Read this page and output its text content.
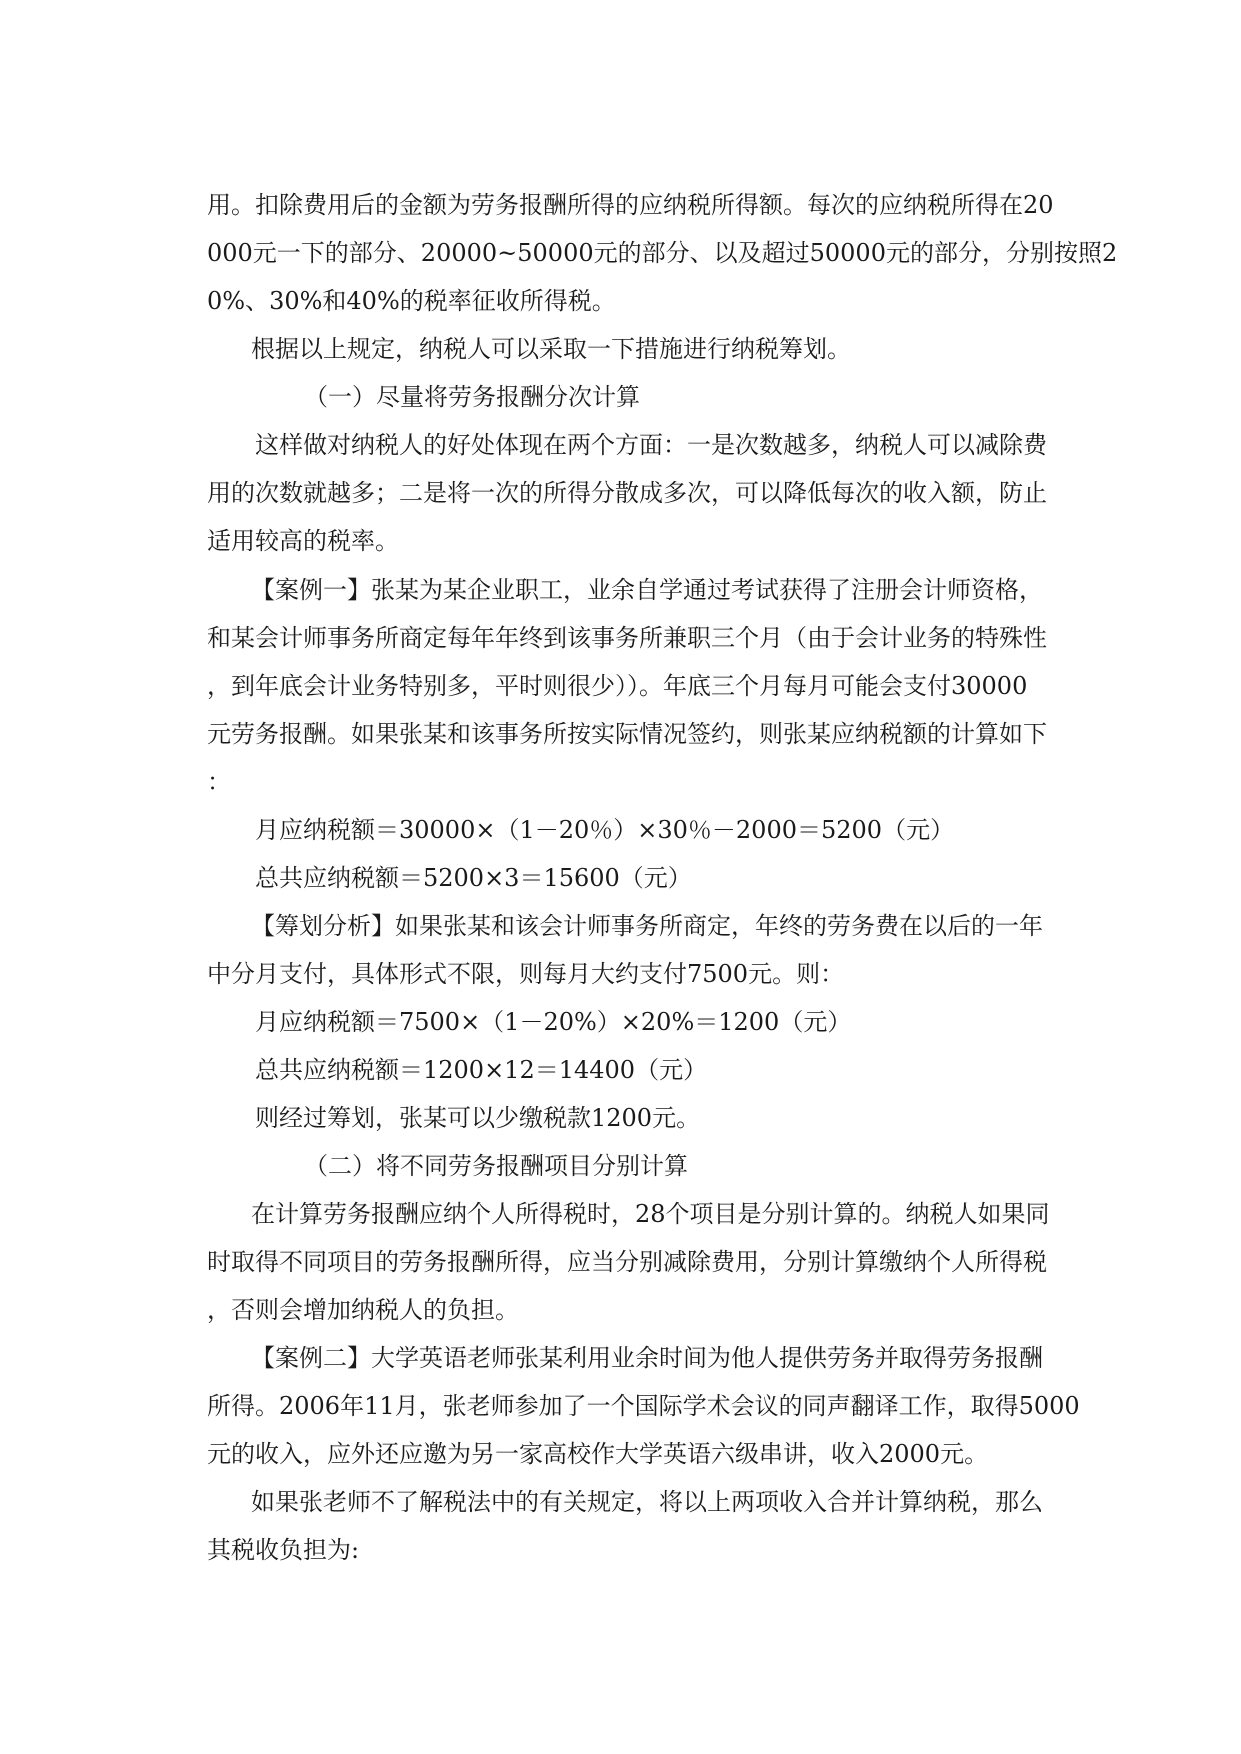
用。扣除费用后的金额为劳务报酬所得的应纳税所得额。每次的应纳税所得在20
000元一下的部分、20000~50000元的部分、以及超过50000元的部分，分别按照2
0%、30%和40%的税率征收所得税。
根据以上规定，纳税人可以采取一下措施进行纳税筹划。
（一）尽量将劳务报酬分次计算
这样做对纳税人的好处体现在两个方面：一是次数越多，纳税人可以减除费
用的次数就越多；二是将一次的所得分散成多次，可以降低每次的收入额，防止
适用较高的税率。
【案例一】张某为某企业职工，业余自学通过考试获得了注册会计师资格，
和某会计师事务所商定每年年终到该事务所兼职三个月（由于会计业务的特殊性
，到年底会计业务特别多，平时则很少））。年底三个月每月可能会支付30000
元劳务报酬。如果张某和该事务所按实际情况签约，则张某应纳税额的计算如下
：
月应纳税额＝30000×（1－20％）×30％－2000＝5200（元）
总共应纳税额＝5200×3＝15600（元）
【筹划分析】如果张某和该会计师事务所商定，年终的劳务费在以后的一年
中分月支付，具体形式不限，则每月大约支付7500元。则：
月应纳税额＝7500×（1－20%）×20%＝1200（元）
总共应纳税额＝1200×12＝14400（元）
则经过筹划，张某可以少缴税款1200元。
（二）将不同劳务报酬项目分别计算
在计算劳务报酬应纳个人所得税时，28个项目是分别计算的。纳税人如果同
时取得不同项目的劳务报酬所得，应当分别减除费用，分别计算缴纳个人所得税
，否则会增加纳税人的负担。
【案例二】大学英语老师张某利用业余时间为他人提供劳务并取得劳务报酬
所得。2006年11月，张老师参加了一个国际学术会议的同声翻译工作，取得5000
元的收入，应外还应邀为另一家高校作大学英语六级串讲，收入2000元。
如果张老师不了解税法中的有关规定，将以上两项收入合并计算纳税，那么
其税收负担为:
